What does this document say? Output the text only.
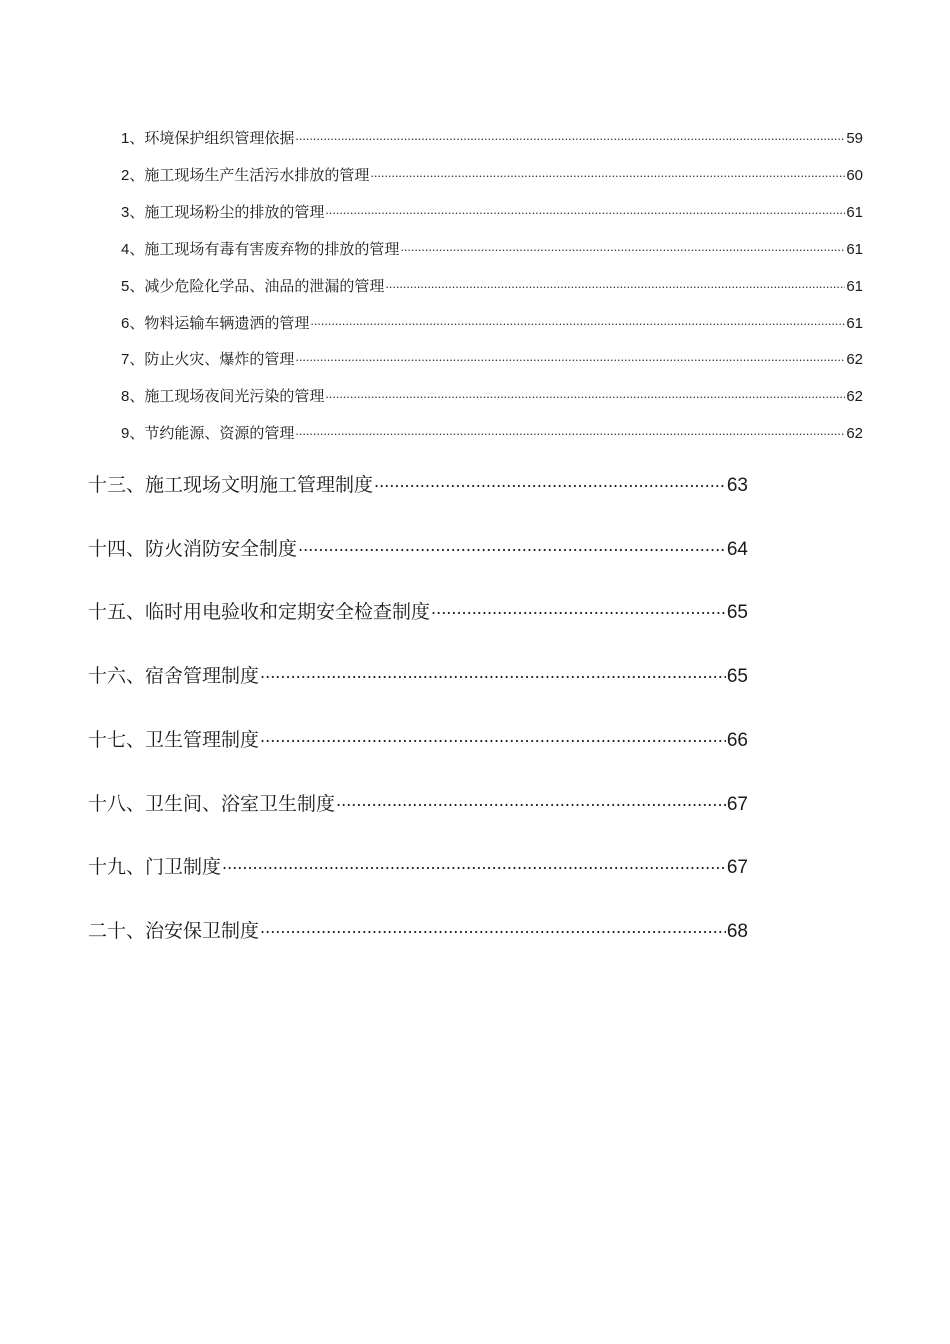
1 、环境保护组织管理依据 .....	59
2 、施工现场生产生活污水排放的管理 .....	60
3 、施工现场粉尘的排放的管理 .....	61
4 、施工现场有毒有害废弃物的排放的管理 .....	61
5 、减少危险化学品、油品的泄漏的管理 .....	61
6 、物料运输车辆遗洒的管理 .....	61
7 、防止火灾、爆炸的管理 .....	62
8 、施工现场夜间光污染的管理 .....	62
9 、节约能源、资源的管理 .....	62
十三、施工现场文明施工管理制度 .....	63
十四、防火消防安全制度 .....	64
十五、临时用电验收和定期安全检查制度 .....	65
十六、宿舍管理制度 .....	65
十七、卫生管理制度 .....	66
十八、卫生间、浴室卫生制度 .....	67
十九、门卫制度 .....	67
二十、治安保卫制度 .....	68
